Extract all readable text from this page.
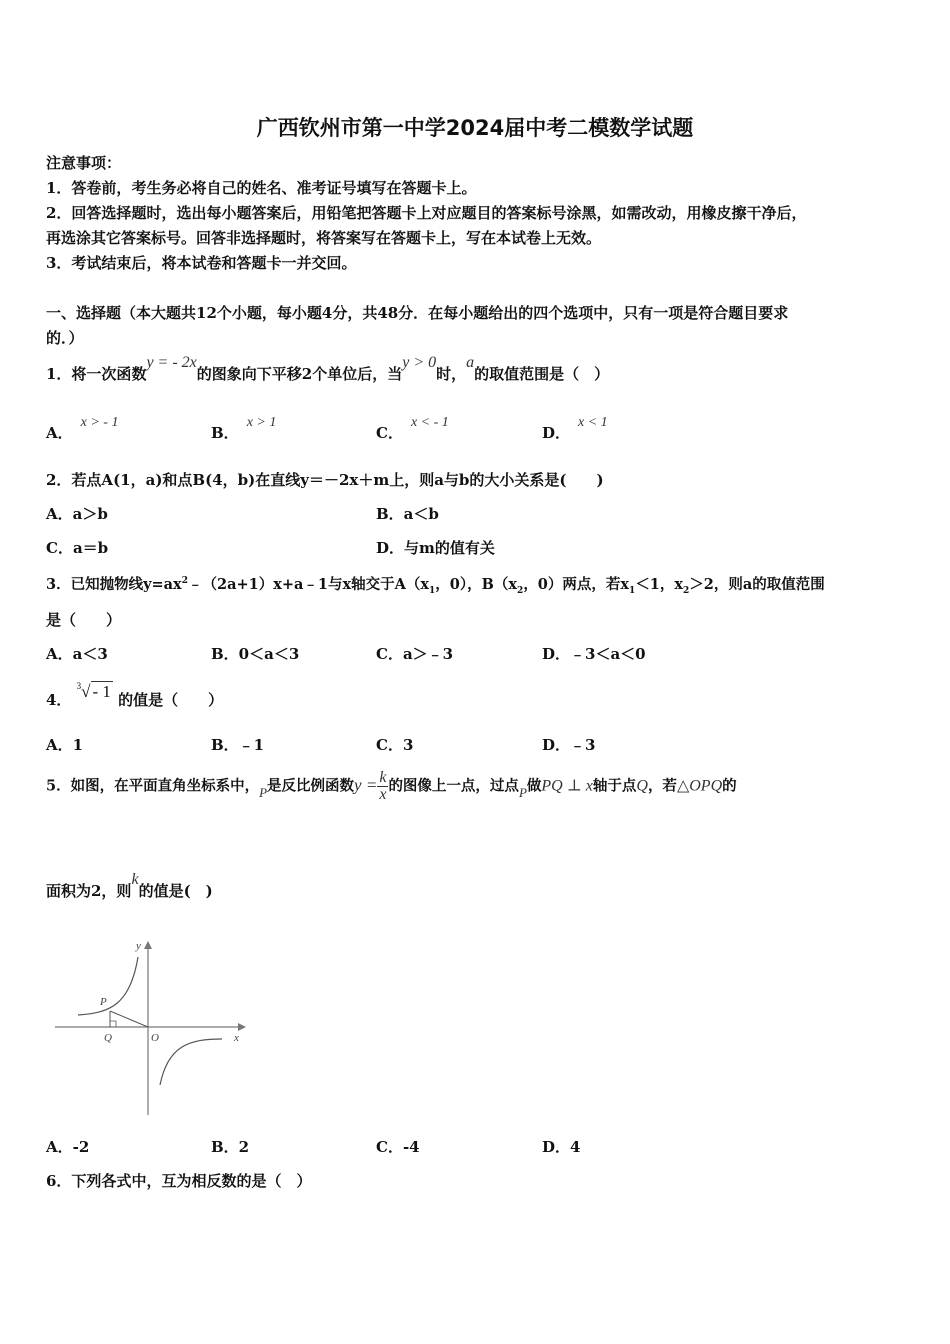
广西钦州市第一中学2024届中考二模数学试题
注意事项：
1．答卷前，考生务必将自己的姓名、准考证号填写在答题卡上。
2．回答选择题时，选出每小题答案后，用铅笔把答题卡上对应题目的答案标号涂黑，如需改动，用橡皮擦干净后，
再选涂其它答案标号。回答非选择题时，将答案写在答题卡上，写在本试卷上无效。
3．考试结束后，将本试卷和答题卡一并交回。
一、选择题（本大题共12个小题，每小题4分，共48分．在每小题给出的四个选项中，只有一项是符合题目要求
的．）
1．将一次函数y = - 2x的图象向下平移2个单位后，当y > 0时，a的取值范围是（　）
A．x > - 1
B．x > 1
C．x < - 1
D．x < 1
2．若点A(1，a)和点B(4，b)在直线y＝－2x＋m上，则a与b的大小关系是(　　)
A．a＞b	B．a＜b
C．a＝b	D．与m的值有关
3．已知抛物线$y=ax^2﹣(2a+1)x+a﹣1$与x轴交于$A(x_1$，0），$B(x_2$，0）两点，若$x_1<1$，$x_2>2$，则a的取值范围
是（　　）
A．a＜3	B．0＜a＜3	C．a＞﹣3	D．﹣3＜a＜0
4． $^3$√ - 1 的值是（　　）
A．1	B．﹣1	C．3	D．﹣3
5．如图，在平面直角坐标系中，P是反比例函数$y = \frac{k}{x}$ 的图像上一点，过点P做PQ ⊥ x轴于点Q，若△OPQ的
面积为2，则k的值是(　)
y
x
P
Q	O
A．-2	B．2	C．-4	D．4
6．下列各式中，互为相反数的是（　）
